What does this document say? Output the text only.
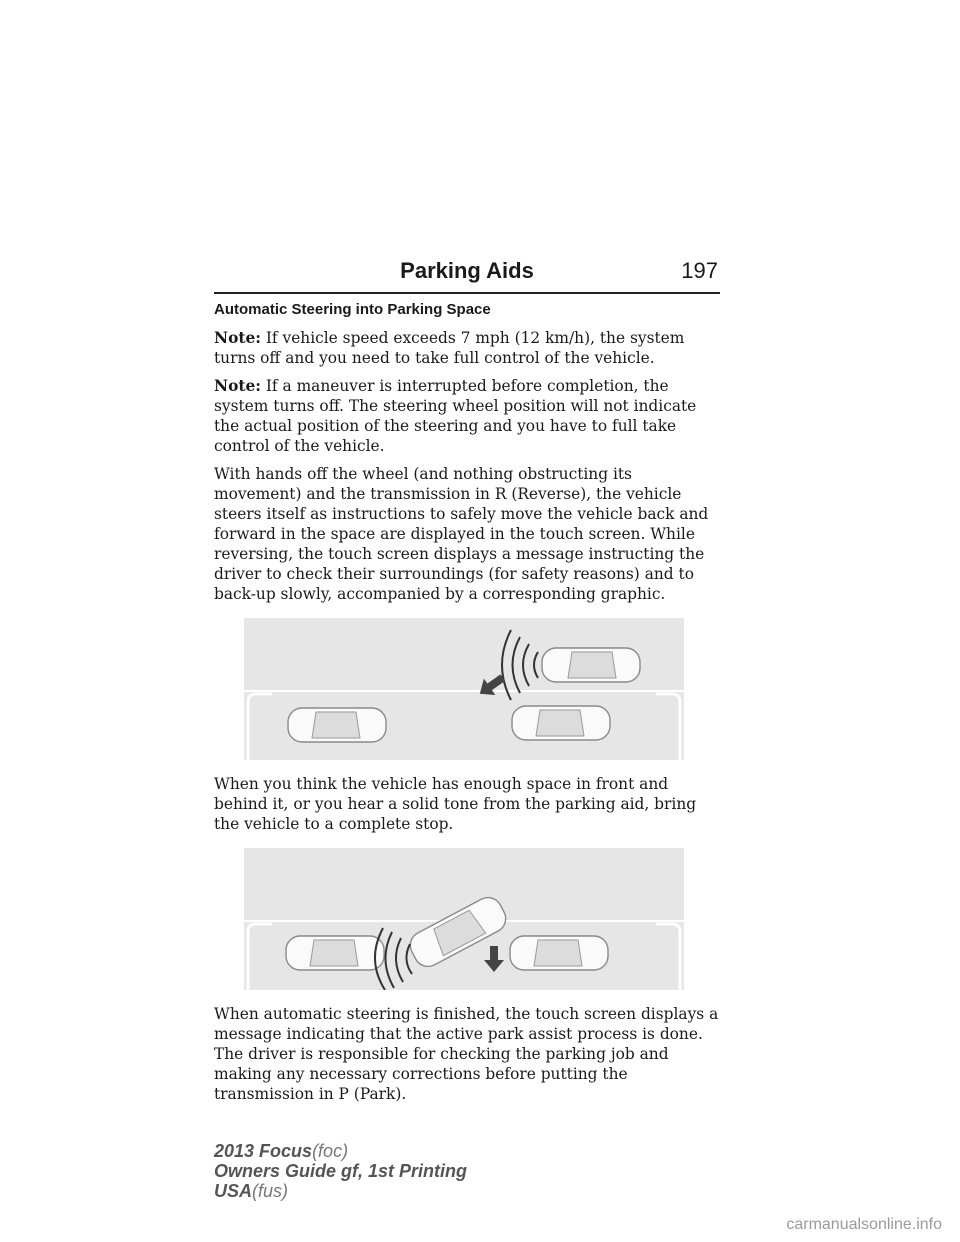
Parking Aids	197
Automatic Steering into Parking Space

Note: If vehicle speed exceeds 7 mph (12 km/h), the system turns off and you need to take full control of the vehicle.

Note: If a maneuver is interrupted before completion, the system turns off. The steering wheel position will not indicate the actual position of the steering and you have to full take control of the vehicle.

With hands off the wheel (and nothing obstructing its movement) and the transmission in R (Reverse), the vehicle steers itself as instructions to safely move the vehicle back and forward in the space are displayed in the touch screen. While reversing, the touch screen displays a message instructing the driver to check their surroundings (for safety reasons) and to back-up slowly, accompanied by a corresponding graphic.

When you think the vehicle has enough space in front and behind it, or you hear a solid tone from the parking aid, bring the vehicle to a complete stop.

When automatic steering is finished, the touch screen displays a message indicating that the active park assist process is done. The driver is responsible for checking the parking job and making any necessary corrections before putting the transmission in P (Park).

2013 Focus(foc)
Owners Guide gf, 1st Printing
USA(fus)
carmanualsonline.info
